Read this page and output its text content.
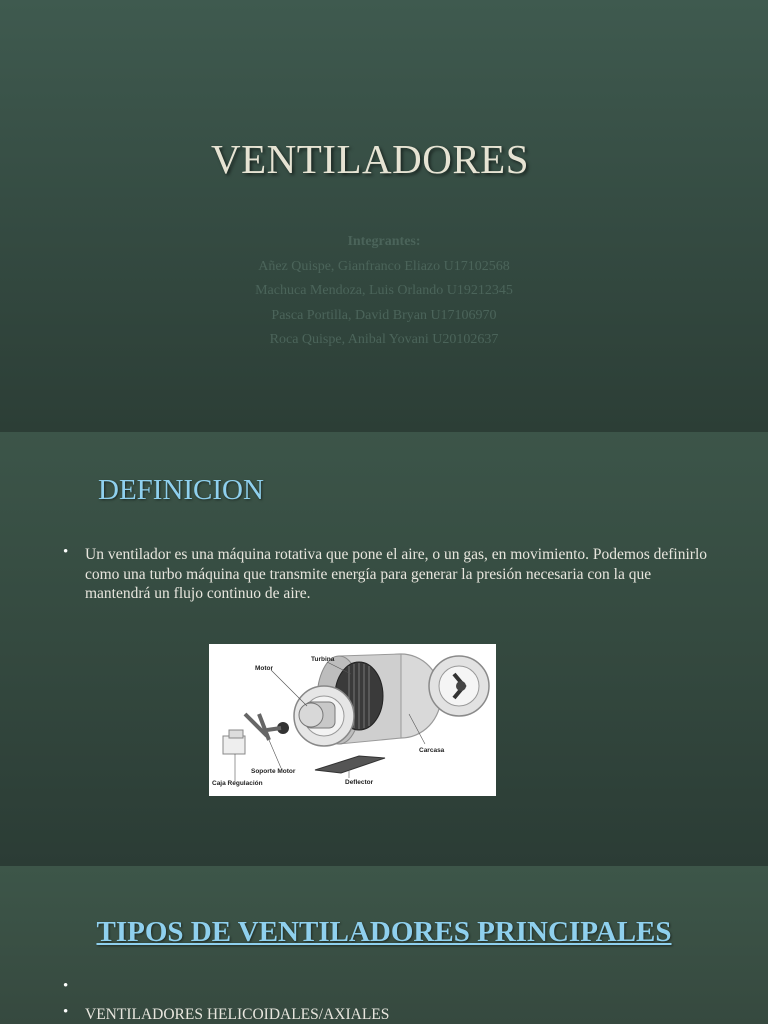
VENTILADORES
Integrantes:
Añez Quispe, Gianfranco Eliazo U17102568
Machuca Mendoza, Luis Orlando U19212345
Pasca Portilla, David Bryan U17106970
Roca Quispe, Anibal Yovani U20102637
DEFINICION
• Un ventilador es una máquina rotativa que pone el aire, o un gas, en movimiento. Podemos definirlo como una turbo máquina que transmite energía para generar la presión necesaria con la que mantendrá un flujo continuo de aire.
Motor
Turbina
Carcasa
Soporte Motor
Caja Regulación	Deflector
TIPOS DE VENTILADORES PRINCIPALES
•
• VENTILADORES HELICOIDALES/AXIALES
